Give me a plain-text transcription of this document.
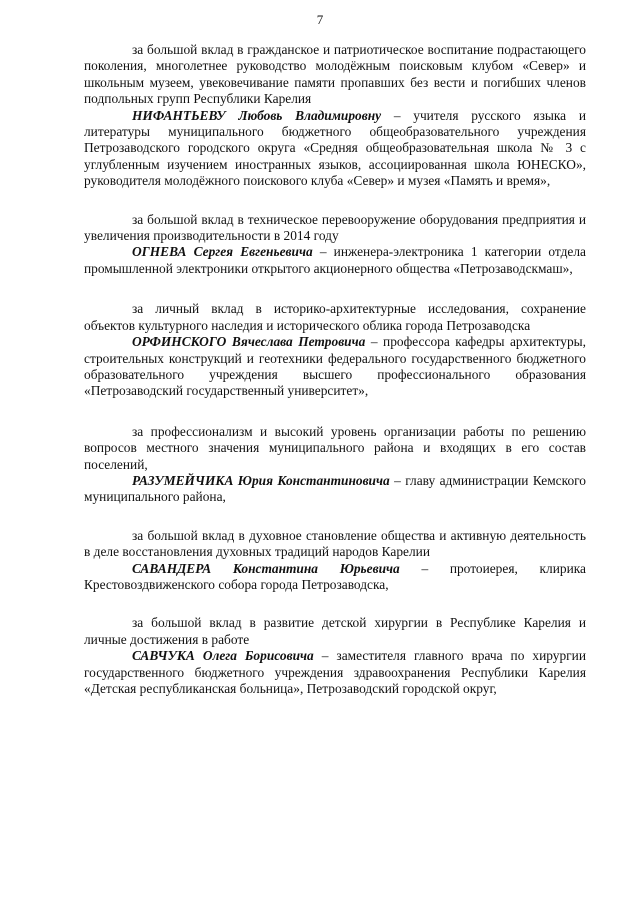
7

за большой вклад в гражданское и патриотическое воспитание подрастающего поколения, многолетнее руководство молодёжным поисковым клубом «Север» и школьным музеем, увековечивание памяти пропавших без вести и погибших членов подпольных групп Республики Карелия

НИФАНТЬЕВУ Любовь Владимировну – учителя русского языка и литературы муниципального бюджетного общеобразовательного учреждения Петрозаводского городского округа «Средняя общеобразовательная школа № 3 с углубленным изучением иностранных языков, ассоциированная школа ЮНЕСКО», руководителя молодёжного поискового клуба «Север» и музея «Память и время»,

за большой вклад в техническое перевооружение оборудования предприятия и увеличения производительности в 2014 году

ОГНЕВА Сергея Евгеньевича – инженера-электроника 1 категории отдела промышленной электроники открытого акционерного общества «Петрозаводскмаш»,

за личный вклад в историко-архитектурные исследования, сохранение объектов культурного наследия и исторического облика города Петрозаводска

ОРФИНСКОГО Вячеслава Петровича – профессора кафедры архитектуры, строительных конструкций и геотехники федерального государственного бюджетного образовательного учреждения высшего профессионального образования «Петрозаводский государственный университет»,

за профессионализм и высокий уровень организации работы по решению вопросов местного значения муниципального района и входящих в его состав поселений,

РАЗУМЕЙЧИКА Юрия Константиновича – главу администрации Кемского муниципального района,

за большой вклад в духовное становление общества и активную деятельность в деле восстановления духовных традиций народов Карелии

САВАНДЕРА Константина Юрьевича – протоиерея, клирика Крестовоздвиженского собора города Петрозаводска,

за большой вклад в развитие детской хирургии в Республике Карелия и личные достижения в работе

САВЧУКА Олега Борисовича – заместителя главного врача по хирургии государственного бюджетного учреждения здравоохранения Республики Карелия «Детская республиканская больница», Петрозаводский городской округ,
